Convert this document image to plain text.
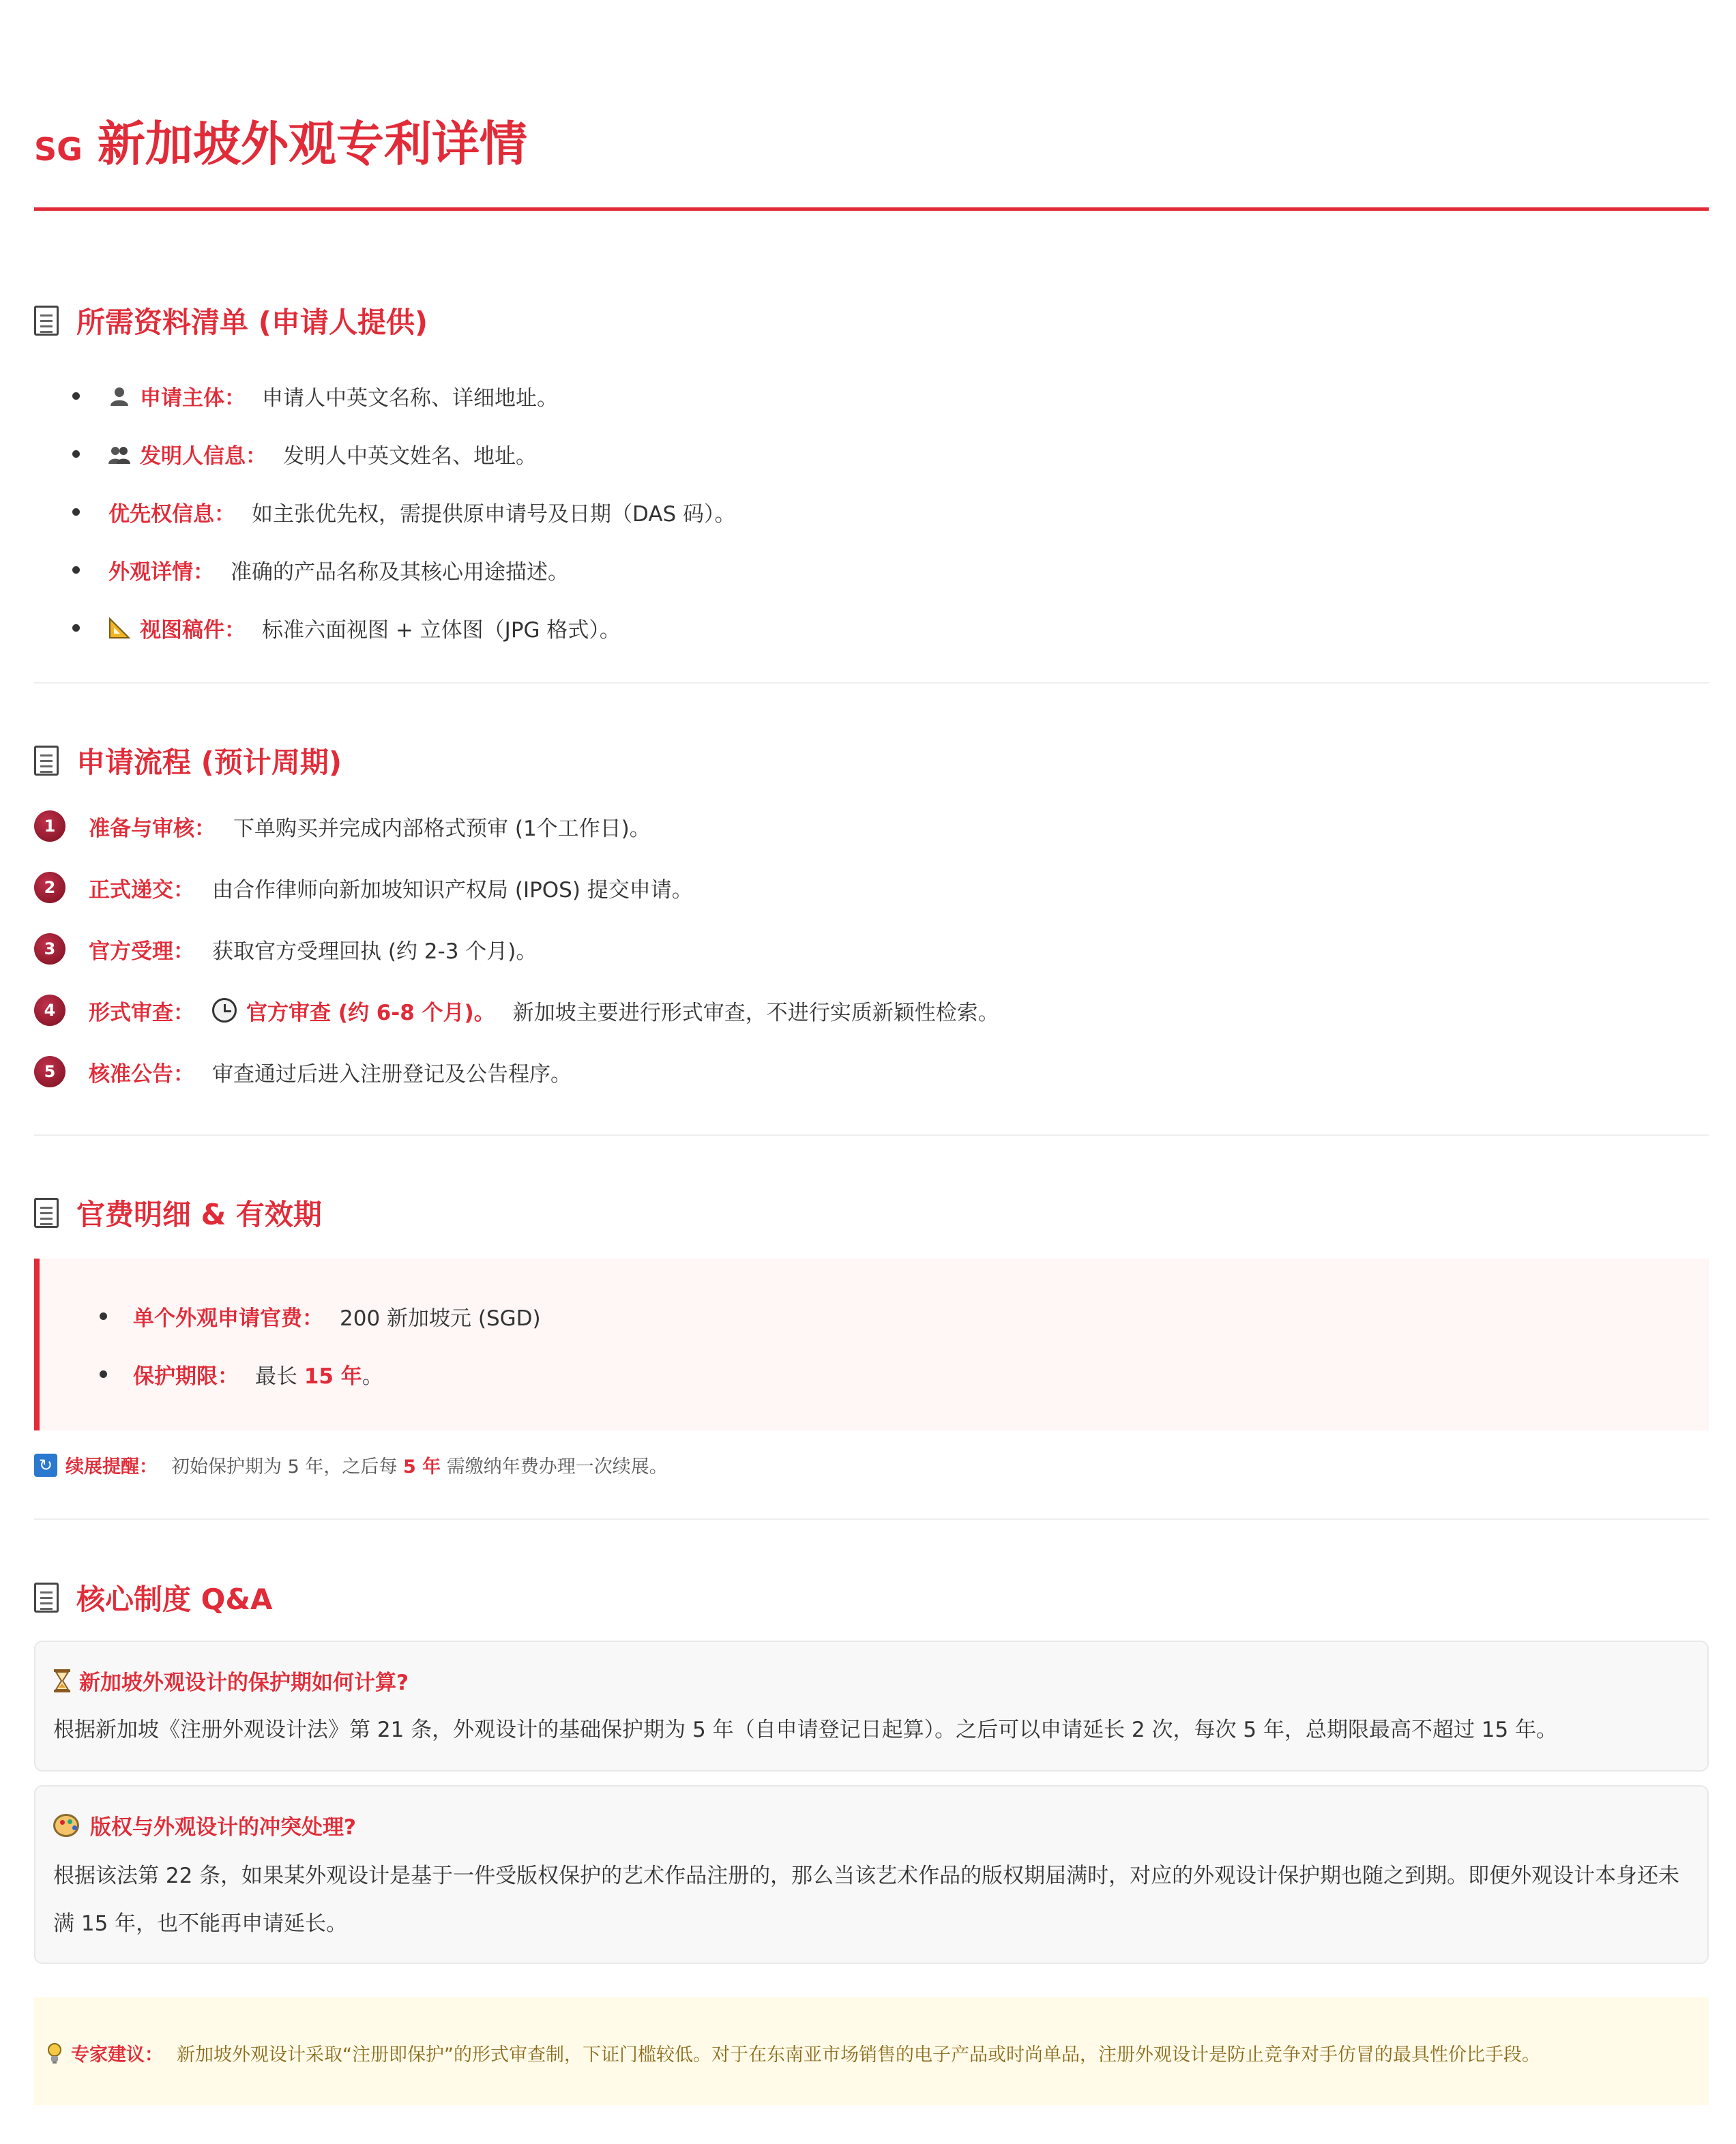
SG 新加坡外观专利详情
所需资料清单 (申请人提供)
申请主体： 申请人中英文名称、详细地址。
发明人信息： 发明人中英文姓名、地址。
优先权信息： 如主张优先权，需提供原申请号及日期（DAS 码）。
外观详情： 准确的产品名称及其核心用途描述。
视图稿件： 标准六面视图 + 立体图（JPG 格式）。
申请流程 (预计周期)
1	准备与审核： 下单购买并完成内部格式预审 (1个工作日)。
2	正式递交： 由合作律师向新加坡知识产权局 (IPOS) 提交申请。
3	官方受理： 获取官方受理回执 (约 2-3 个月)。
4	形式审查： 官方审查 (约 6-8 个月)。 新加坡主要进行形式审查，不进行实质新颖性检索。
5	核准公告： 审查通过后进入注册登记及公告程序。
官费明细 & 有效期
单个外观申请官费： 200 新加坡元 (SGD)
保护期限： 最长 15 年 。
↻ 续展提醒： 初始保护期为 5 年，之后每 5 年 需缴纳年费办理一次续展。
核心制度 Q&A
新加坡外观设计的保护期如何计算?
根据新加坡《注册外观设计法》第 21 条，外观设计的基础保护期为 5 年（自申请登记日起算）。之后可以申请延长 2 次，每次 5 年，总期限最高不超过 15 年。
版权与外观设计的冲突处理?
根据该法第 22 条，如果某外观设计是基于一件受版权保护的艺术作品注册的，那么当该艺术作品的版权期届满时，对应的外观设计保护期也随之到期。即便外观设计本身还未满 15 年，也不能再申请延长。
专家建议： 新加坡外观设计采取“注册即保护”的形式审查制，下证门槛较低。对于在东南亚市场销售的电子产品或时尚单品，注册外观设计是防止竞争对手仿冒的最具性价比手段。
